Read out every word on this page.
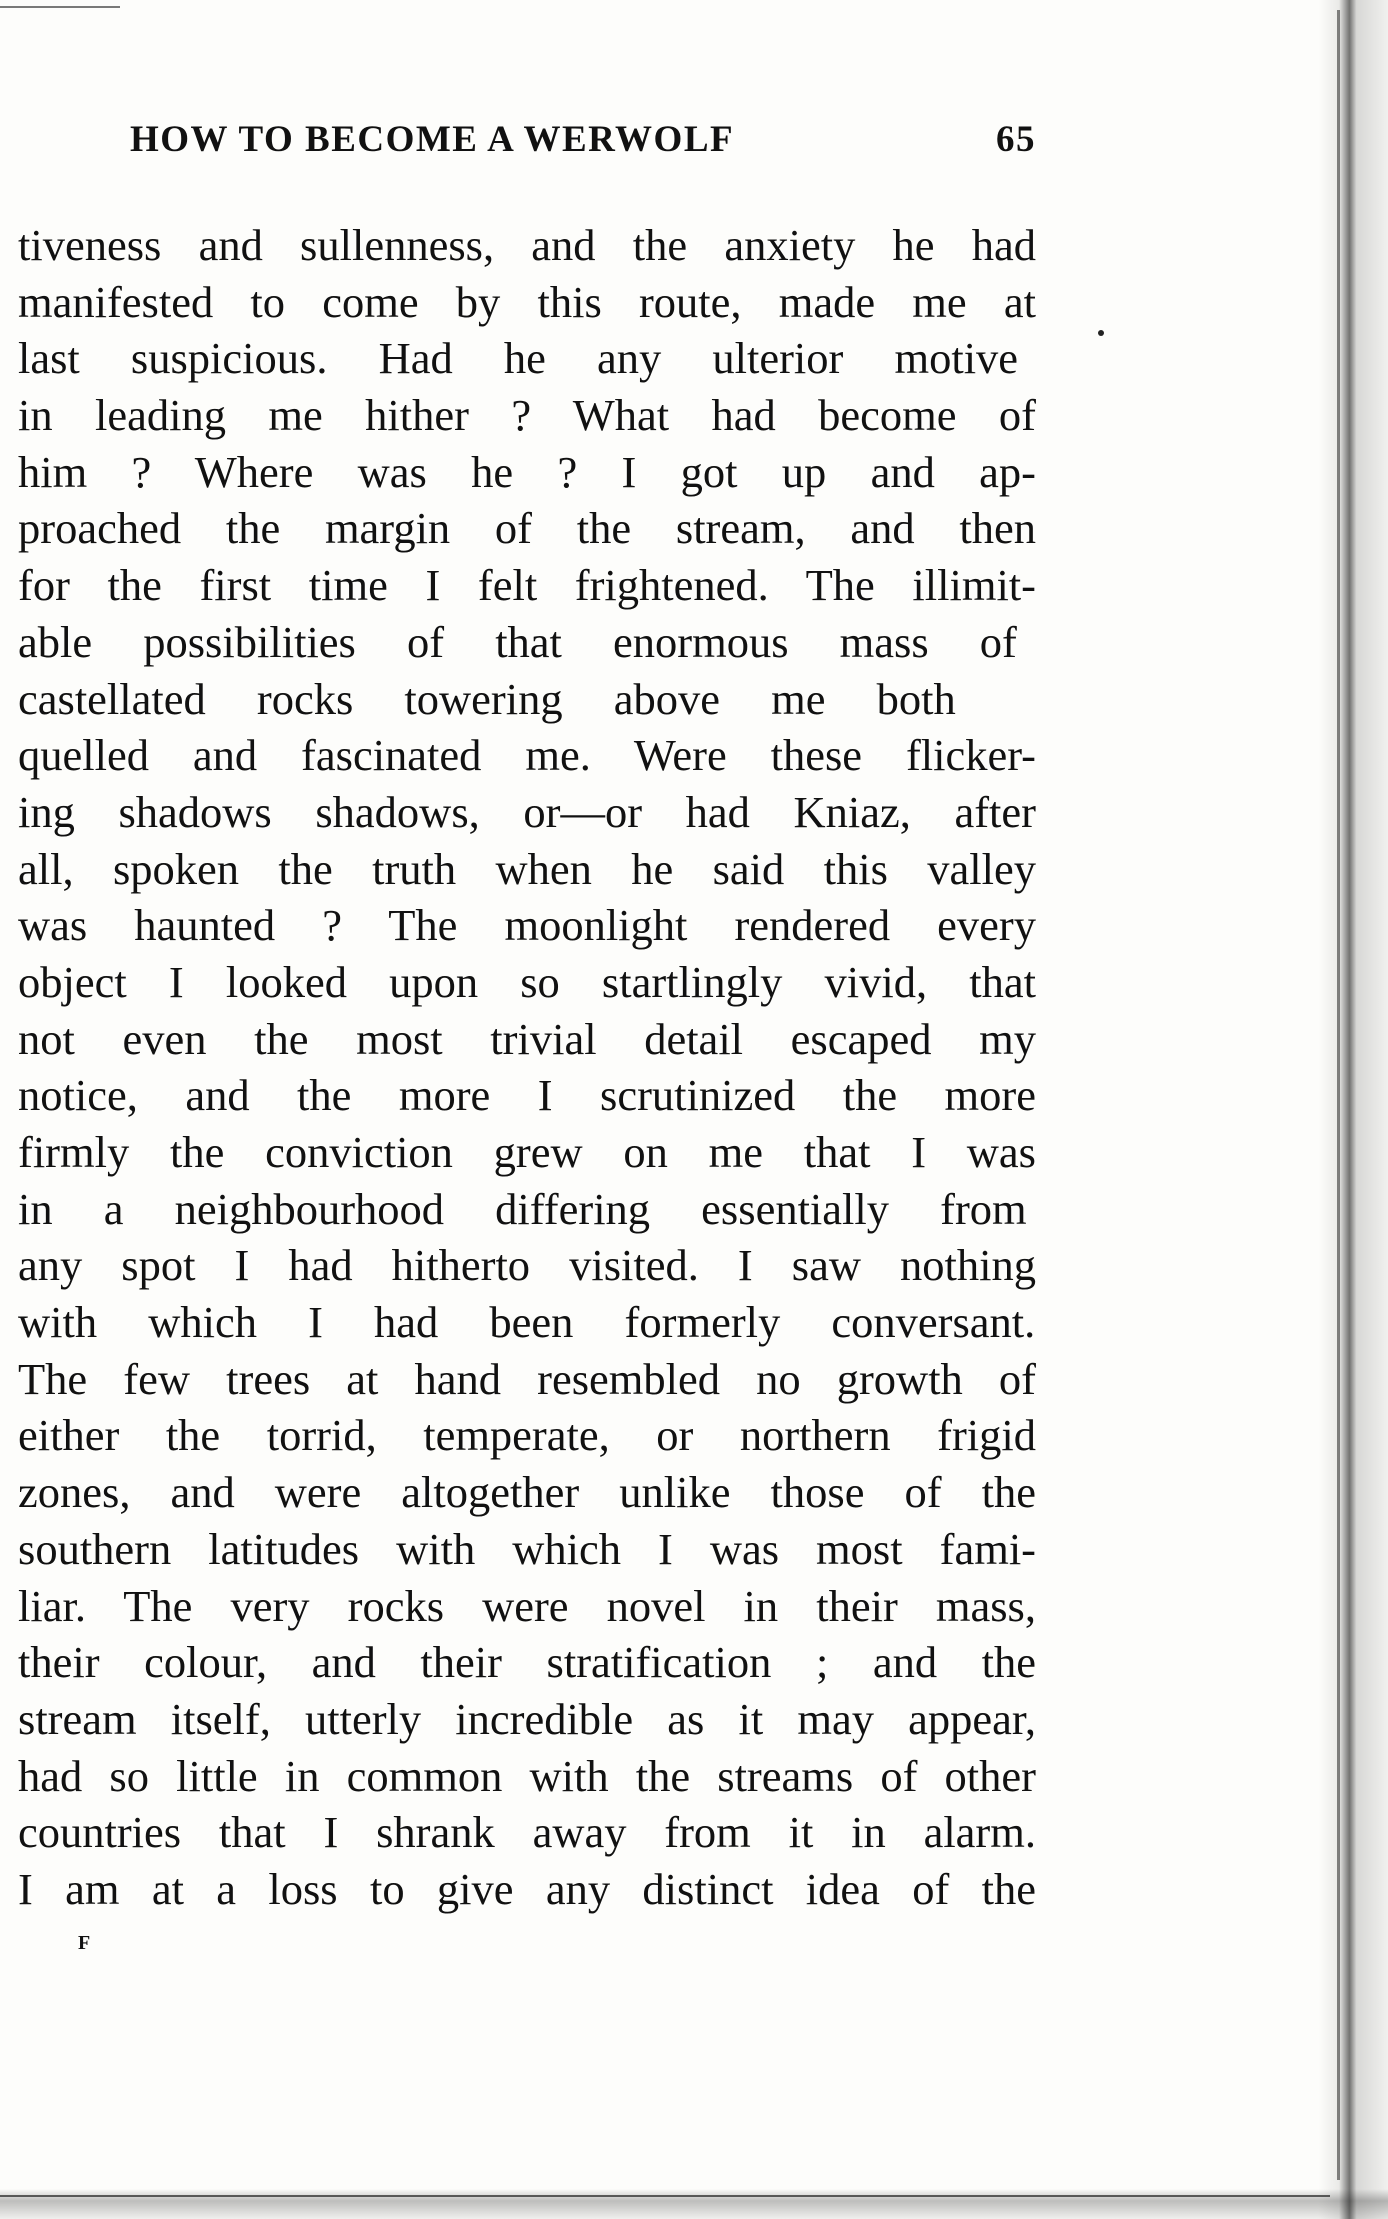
HOW TO BECOME A WERWOLF	65
tiveness and sullenness, and the anxiety he had
manifested to come by this route, made me at
last suspicious. Had he any ulterior motive
in leading me hither ? What had become of
him ? Where was he ? I got up and ap-
proached the margin of the stream, and then
for the first time I felt frightened. The illimit-
able possibilities of that enormous mass of
castellated rocks towering above me both
quelled and fascinated me. Were these flicker-
ing shadows shadows, or—or had Kniaz, after
all, spoken the truth when he said this valley
was haunted ? The moonlight rendered every
object I looked upon so startlingly vivid, that
not even the most trivial detail escaped my
notice, and the more I scrutinized the more
firmly the conviction grew on me that I was
in a neighbourhood differing essentially from
any spot I had hitherto visited. I saw nothing
with which I had been formerly conversant.
The few trees at hand resembled no growth of
either the torrid, temperate, or northern frigid
zones, and were altogether unlike those of the
southern latitudes with which I was most fami-
liar. The very rocks were novel in their mass,
their colour, and their stratification ; and the
stream itself, utterly incredible as it may appear,
had so little in common with the streams of other
countries that I shrank away from it in alarm.
I am at a loss to give any distinct idea of the
F
